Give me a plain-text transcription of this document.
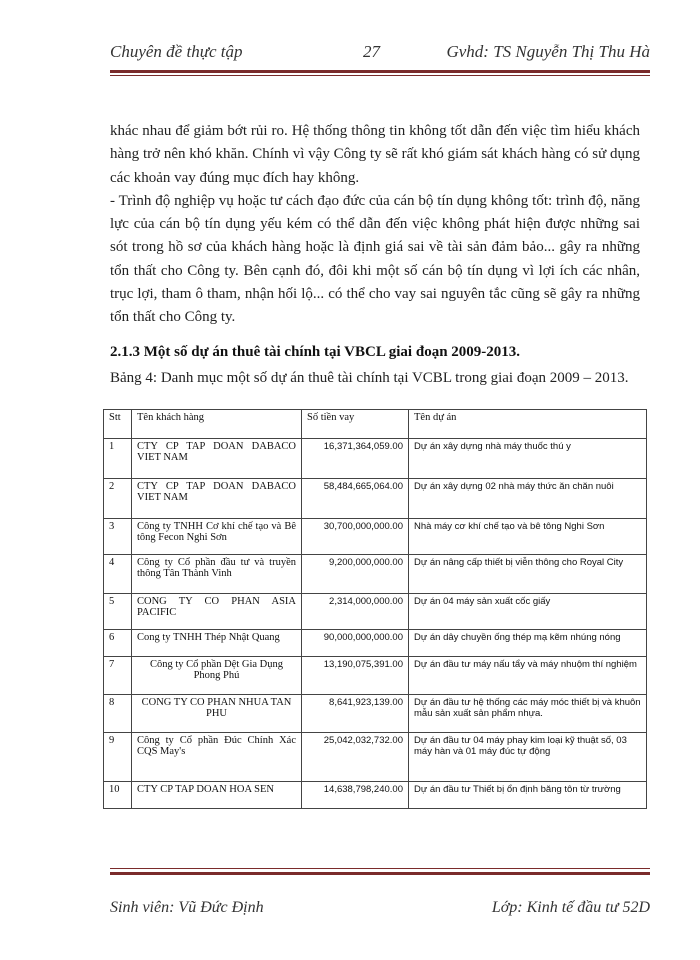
Chuyên đề thực tập	27	Gvhd: TS Nguyễn Thị Thu Hà

khác nhau để giảm bớt rủi ro. Hệ thống thông tin không tốt dẫn đến việc tìm hiểu khách hàng trở nên khó khăn. Chính vì vậy Công ty sẽ rất khó giám sát khách hàng có sử dụng các khoản vay đúng mục đích hay không.

- Trình độ nghiệp vụ hoặc tư cách đạo đức của cán bộ tín dụng không tốt: trình độ, năng lực của cán bộ tín dụng yếu kém có thể dẫn đến việc không phát hiện được những sai sót trong hồ sơ của khách hàng hoặc là định giá sai về tài sản đảm bảo... gây ra những tổn thất cho Công ty. Bên cạnh đó, đôi khi một số cán bộ tín dụng vì lợi ích các nhân, trục lợi, tham ô tham, nhận hối lộ... có thể cho vay sai nguyên tắc cũng sẽ gây ra những tổn thất cho Công ty.

2.1.3 Một số dự án thuê tài chính tại VBCL giai đoạn 2009-2013.
Bảng 4: Danh mục một số dự án thuê tài chính tại VCBL trong giai đoạn 2009 – 2013.
Stt	Tên khách hàng	Số tiền vay	Tên dự án
1	CTY CP TAP DOAN DABACO VIET NAM	16,371,364,059.00	Dự án xây dựng nhà máy thuốc thú y
2	CTY CP TAP DOAN DABACO VIET NAM	58,484,665,064.00	Dự án xây dựng 02 nhà máy thức ăn chăn nuôi
3	Công ty TNHH Cơ khí chế tạo và Bê tông Fecon Nghi Sơn	30,700,000,000.00	Nhà máy cơ khí chế tạo và bê tông Nghi Sơn
4	Công ty Cổ phần đầu tư và truyền thông Tân Thành Vinh	9,200,000,000.00	Dự án nâng cấp thiết bị viễn thông cho Royal City
5	CONG TY CO PHAN ASIA PACIFIC	2,314,000,000.00	Dự án 04 máy sản xuất cốc giấy
6	Cong ty TNHH Thép Nhật Quang	90,000,000,000.00	Dự án dây chuyền ống thép mạ kẽm nhúng nóng
7	Công ty Cổ phần Dệt Gia Dụng Phong Phú	13,190,075,391.00	Dự án đầu tư máy nấu tẩy và máy nhuộm thí nghiệm
8	CONG TY CO PHAN NHUA TAN PHU	8,641,923,139.00	Dự án đầu tư hệ thống các máy móc thiết bị và khuôn mẫu sản xuất sản phẩm nhựa.
9	Công ty Cổ phần Đúc Chính Xác CQS May's	25,042,032,732.00	Dự án đầu tư 04 máy phay kim loại kỹ thuật số, 03 máy hàn và 01 máy đúc tự động
10	CTY CP TAP DOAN HOA SEN	14,638,798,240.00	Dự án đầu tư Thiết bị ổn định băng tôn từ trường
Sinh viên: Vũ Đức Định	Lớp: Kinh tế đầu tư 52D
